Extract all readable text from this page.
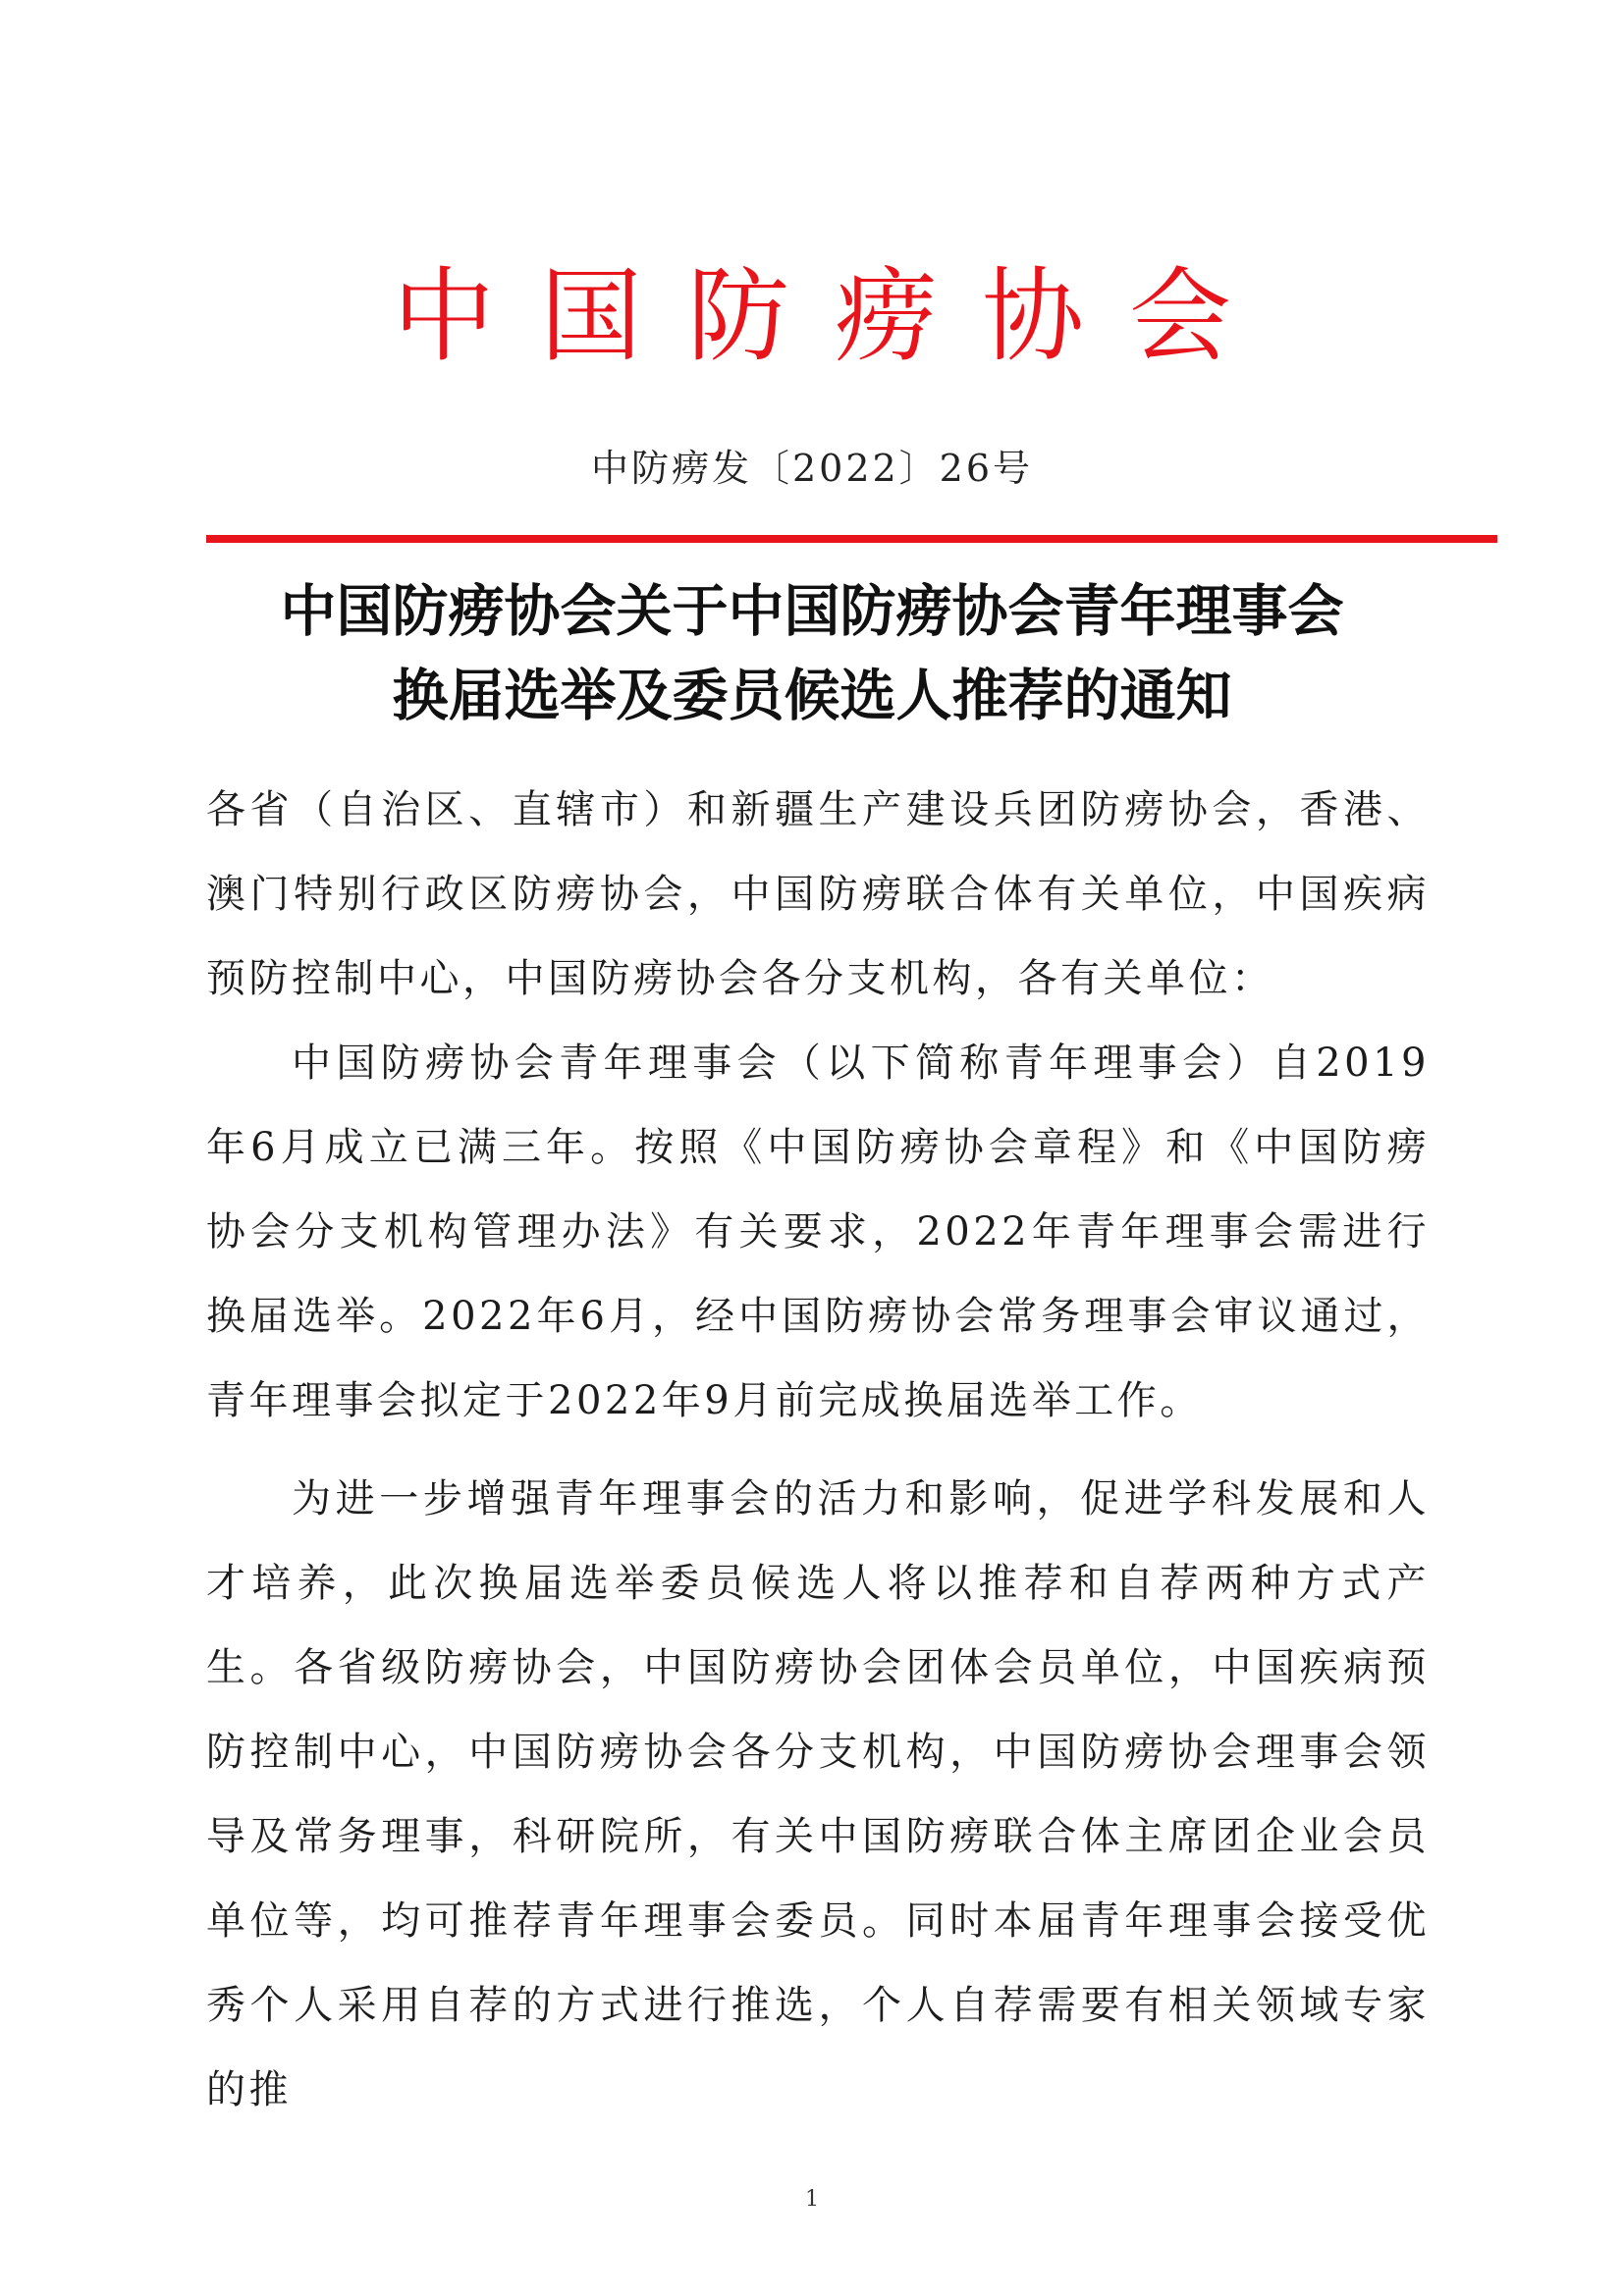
中国防痨协会
中防痨发〔2022〕26号
中国防痨协会关于中国防痨协会青年理事会
换届选举及委员候选人推荐的通知

各省（自治区、直辖市）和新疆生产建设兵团防痨协会，香港、澳门特别行政区防痨协会，中国防痨联合体有关单位，中国疾病预防控制中心，中国防痨协会各分支机构，各有关单位：

中国防痨协会青年理事会（以下简称青年理事会）自2019年6月成立已满三年。按照《中国防痨协会章程》和《中国防痨协会分支机构管理办法》有关要求，2022年青年理事会需进行换届选举。2022年6月，经中国防痨协会常务理事会审议通过，青年理事会拟定于2022年9月前完成换届选举工作。

为进一步增强青年理事会的活力和影响，促进学科发展和人才培养，此次换届选举委员候选人将以推荐和自荐两种方式产生。各省级防痨协会，中国防痨协会团体会员单位，中国疾病预防控制中心，中国防痨协会各分支机构，中国防痨协会理事会领导及常务理事，科研院所，有关中国防痨联合体主席团企业会员单位等，均可推荐青年理事会委员。同时本届青年理事会接受优秀个人采用自荐的方式进行推选，个人自荐需要有相关领域专家的推

1
